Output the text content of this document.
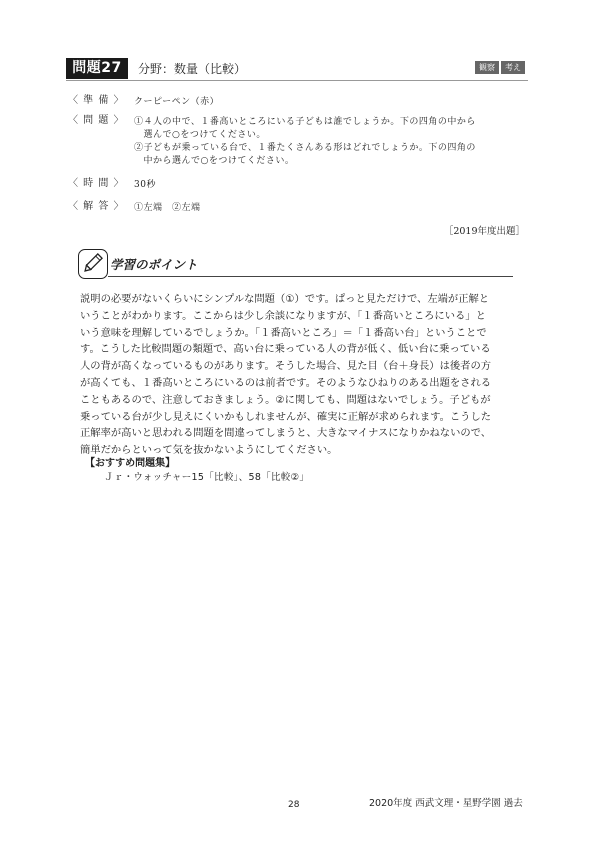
問題27	分野：数量（比較）	観察	考え
〈 準 備 〉 クーピーペン（赤）
〈 問 題 〉 ①４人の中で、１番高いところにいる子どもは誰でしょうか。下の四角の中から
　選んで○をつけてください。
②子どもが乗っている台で、１番たくさんある形はどれでしょうか。下の四角の
　中から選んで○をつけてください。
〈 時 間 〉 30秒
〈 解 答 〉 ①左端　②左端
［2019年度出題］
学習のポイント
説明の必要がないくらいにシンプルな問題（①）です。ぱっと見ただけで、左端が正解と
いうことがわかります。ここからは少し余談になりますが、「１番高いところにいる」と
いう意味を理解しているでしょうか。「１番高いところ」＝「１番高い台」ということで
す。こうした比較問題の類題で、高い台に乗っている人の背が低く、低い台に乗っている
人の背が高くなっているものがあります。そうした場合、見た目（台＋身長）は後者の方
が高くても、１番高いところにいるのは前者です。そのようなひねりのある出題をされる
こともあるので、注意しておきましょう。②に関しても、問題はないでしょう。子どもが
乗っている台が少し見えにくいかもしれませんが、確実に正解が求められます。こうした
正解率が高いと思われる問題を間違ってしまうと、大きなマイナスになりかねないので、
簡単だからといって気を抜かないようにしてください。
【おすすめ問題集】
Ｊｒ・ウォッチャー15「比較」、58「比較②」
28	2020年度 西武文理・星野学園 過去
